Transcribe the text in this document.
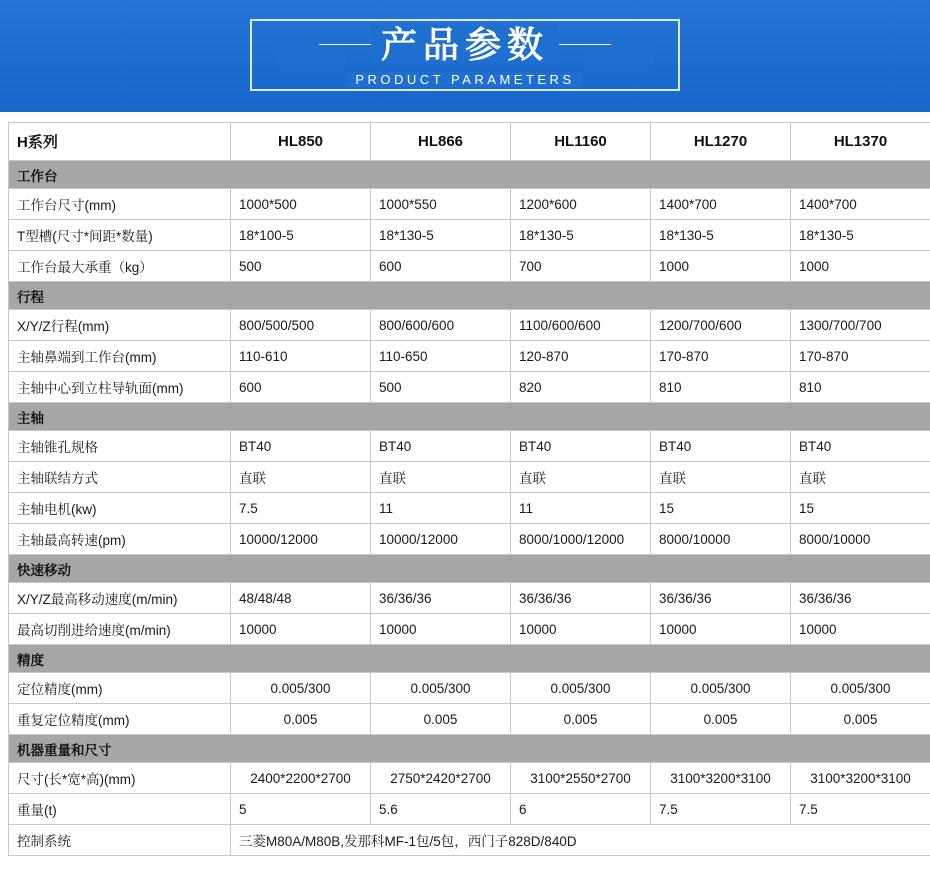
产品参数
PRODUCT PARAMETERS
H系列	HL850	HL866	HL1160	HL1270	HL1370
工作台					
工作台尺寸(mm)	1000*500	1000*550	1200*600	1400*700	1400*700
T型槽(尺寸*间距*数量)	18*100-5	18*130-5	18*130-5	18*130-5	18*130-5
工作台最大承重（kg）	500	600	700	1000	1000
行程					
X/Y/Z行程(mm)	800/500/500	800/600/600	1100/600/600	1200/700/600	1300/700/700
主轴鼻端到工作台(mm)	110-610	110-650	120-870	170-870	170-870
主轴中心到立柱导轨面(mm)	600	500	820	810	810
主轴					
主轴锥孔规格	BT40	BT40	BT40	BT40	BT40
主轴联结方式	直联	直联	直联	直联	直联
主轴电机(kw)	7.5	11	11	15	15
主轴最高转速(pm)	10000/12000	10000/12000	8000/1000/12000	8000/10000	8000/10000
快速移动					
X/Y/Z最高移动速度(m/min)	48/48/48	36/36/36	36/36/36	36/36/36	36/36/36
最高切削进给速度(m/min)	10000	10000	10000	10000	10000
精度					
定位精度(mm)	0.005/300	0.005/300	0.005/300	0.005/300	0.005/300
重复定位精度(mm)	0.005	0.005	0.005	0.005	0.005
机器重量和尺寸					
尺寸(长*宽*高)(mm)	2400*2200*2700	2750*2420*2700	3100*2550*2700	3100*3200*3100	3100*3200*3100
重量(t)	5	5.6	6	7.5	7.5
控制系统	三菱M80A/M80B,发那科MF-1包/5包，西门子828D/840D				
